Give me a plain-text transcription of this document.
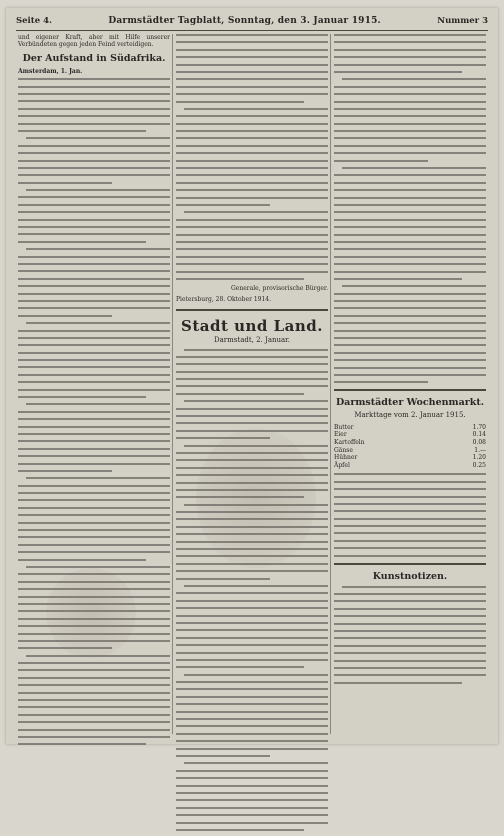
Seite 4.	Darmstädter Tagblatt, Sonntag, den 3. Januar 1915.	Nummer 3
und eigener Kraft, aber mit Hilfe unserer Verbündeten gegen jeden Feind verteidigen.
Der Aufstand in Südafrika.
Amsterdam, 1. Jan.
Generale, provisorische Bürger.
Pietersburg, 28. Oktober 1914.
Stadt und Land.
Darmstadt, 2. Januar.
Darmstädter Wochenmarkt.
Markttage vom 2. Januar 1915.
Butter	1.70
Eier	0.14
Kartoffeln	0.08
Gänse	1.—
Hühner	1.20
Äpfel	0.25
Kunstnotizen.
